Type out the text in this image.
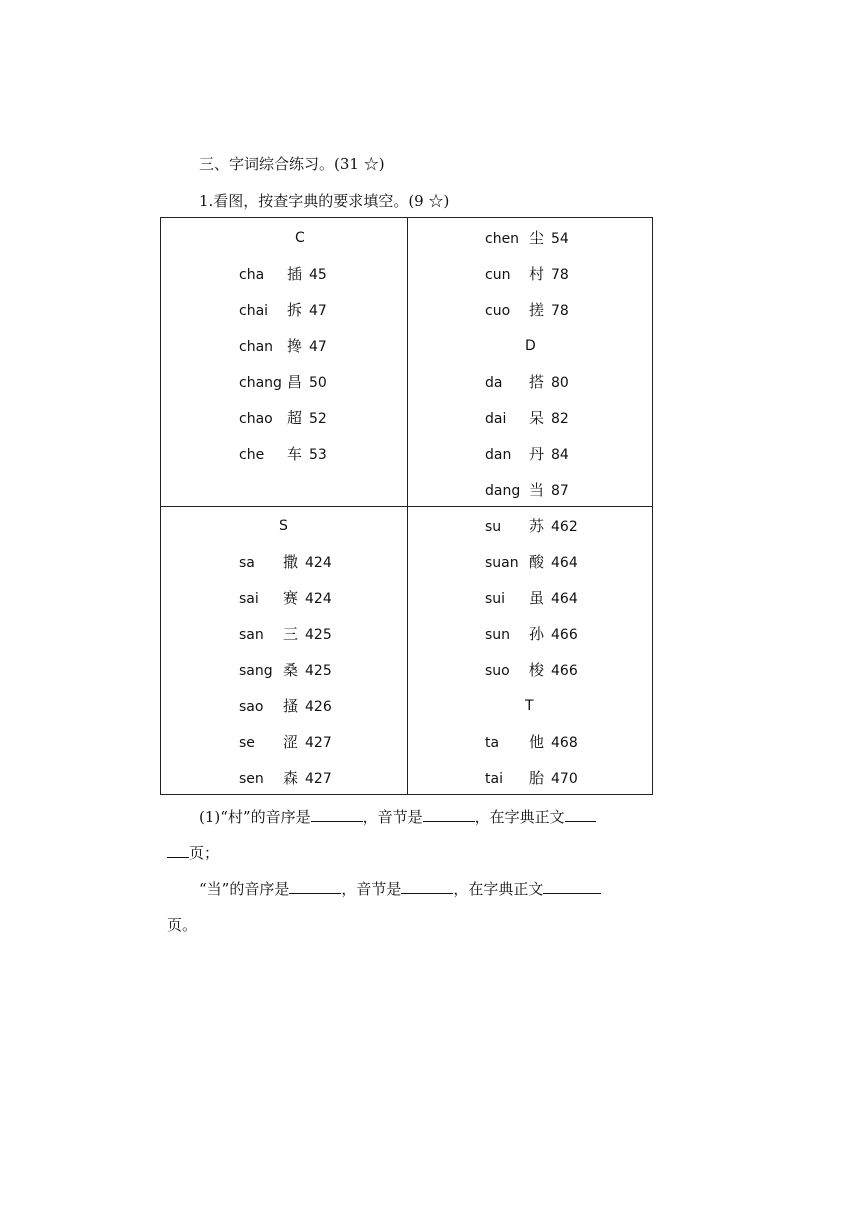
三、字词综合练习。(31 ☆)
1.看图，按查字典的要求填空。(9 ☆)
C
cha 插 45
chai 拆 47
chan 搀 47
chang 昌 50
chao 超 52
che 车 53
chen 尘 54
cun 村 78
cuo 搓 78
D
da 搭 80
dai 呆 82
dan 丹 84
dang 当 87
S
sa 撒 424
sai 赛 424
san 三 425
sang 桑 425
sao 搔 426
se 涩 427
sen 森 427
su 苏 462
suan 酸 464
sui 虽 464
sun 孙 466
suo 梭 466
T
ta 他 468
tai 胎 470
(1)“村”的音序是	，音节是	，在字典正文
页；
“当”的音序是	，音节是	，在字典正文
页。
